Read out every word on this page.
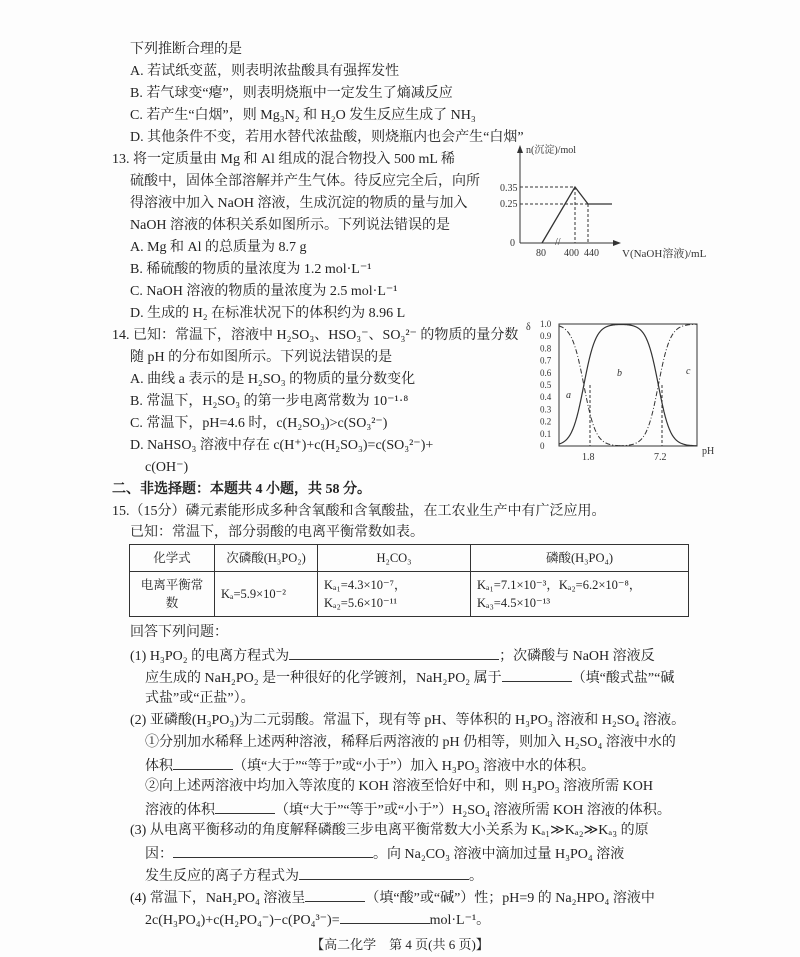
下列推断合理的是
A. 若试纸变蓝，则表明浓盐酸具有强挥发性
B. 若气球变“瘪”，则表明烧瓶中一定发生了熵减反应
C. 若产生“白烟”，则 Mg₃N₂ 和 H₂O 发生反应生成了 NH₃
D. 其他条件不变，若用水替代浓盐酸，则烧瓶内也会产生“白烟”
13. 将一定质量由 Mg 和 Al 组成的混合物投入 500 mL 稀
硫酸中，固体全部溶解并产生气体。待反应完全后，向所
得溶液中加入 NaOH 溶液，生成沉淀的物质的量与加入
NaOH 溶液的体积关系如图所示。下列说法错误的是
A. Mg 和 Al 的总质量为 8.7 g
B. 稀硫酸的物质的量浓度为 1.2 mol·L⁻¹
C. NaOH 溶液的物质的量浓度为 2.5 mol·L⁻¹
D. 生成的 H₂ 在标准状况下的体积约为 8.96 L
n(沉淀)/mol
0.35
0.25
0	//
80 400 440 V(NaOH溶液)/mL
14. 已知：常温下，溶液中 H₂SO₃、HSO₃⁻、SO₃²⁻ 的物质的量分数
随 pH 的分布如图所示。下列说法错误的是
A. 曲线 a 表示的是 H₂SO₃ 的物质的量分数变化
B. 常温下，H₂SO₃ 的第一步电离常数为 10⁻¹·⁸
C. 常温下，pH=4.6 时，c(H₂SO₃)>c(SO₃²⁻)
D. NaHSO₃ 溶液中存在 c(H⁺)+c(H₂SO₃)=c(SO₃²⁻)+
c(OH⁻)
δ 1.0
0.9
0.8
0.7
0.6
0.5
0.4
0.3
0.2
0.1
0
a
b	c
1.8	7.2
pH
二、非选择题：本题共 4 小题，共 58 分。
15.（15分）磷元素能形成多种含氧酸和含氧酸盐，在工农业生产中有广泛应用。
已知：常温下，部分弱酸的电离平衡常数如表。
化学式	次磷酸(H₃PO₂)	H₂CO₃	磷酸(H₃PO₄)
电离平衡常数	Kₐ=5.9×10⁻²	Kₐ₁=4.3×10⁻⁷，Kₐ₂=5.6×10⁻¹¹	Kₐ₁=7.1×10⁻³，Kₐ₂=6.2×10⁻⁸，Kₐ₃=4.5×10⁻¹³
回答下列问题：
(1) H₃PO₂ 的电离方程式为	；次磷酸与 NaOH 溶液反
应生成的 NaH₂PO₂ 是一种很好的化学镀剂，NaH₂PO₂ 属于	（填“酸式盐”“碱
式盐”或“正盐”）。
(2) 亚磷酸(H₃PO₃)为二元弱酸。常温下，现有等 pH、等体积的 H₃PO₃ 溶液和 H₂SO₄ 溶液。
①分别加水稀释上述两种溶液，稀释后两溶液的 pH 仍相等，则加入 H₂SO₄ 溶液中水的
体积	（填“大于”“等于”或“小于”）加入 H₃PO₃ 溶液中水的体积。
②向上述两溶液中均加入等浓度的 KOH 溶液至恰好中和，则 H₃PO₃ 溶液所需 KOH
溶液的体积	（填“大于”“等于”或“小于”）H₂SO₄ 溶液所需 KOH 溶液的体积。
(3) 从电离平衡移动的角度解释磷酸三步电离平衡常数大小关系为 Kₐ₁≫Kₐ₂≫Kₐ₃ 的原
因：	。向 Na₂CO₃ 溶液中滴加过量 H₃PO₄ 溶液
发生反应的离子方程式为	。
(4) 常温下，NaH₂PO₄ 溶液呈	（填“酸”或“碱”）性；pH=9 的 Na₂HPO₄ 溶液中
2c(H₃PO₄)+c(H₂PO₄⁻)−c(PO₄³⁻)=	mol·L⁻¹。
【高二化学　第 4 页(共 6 页)】
